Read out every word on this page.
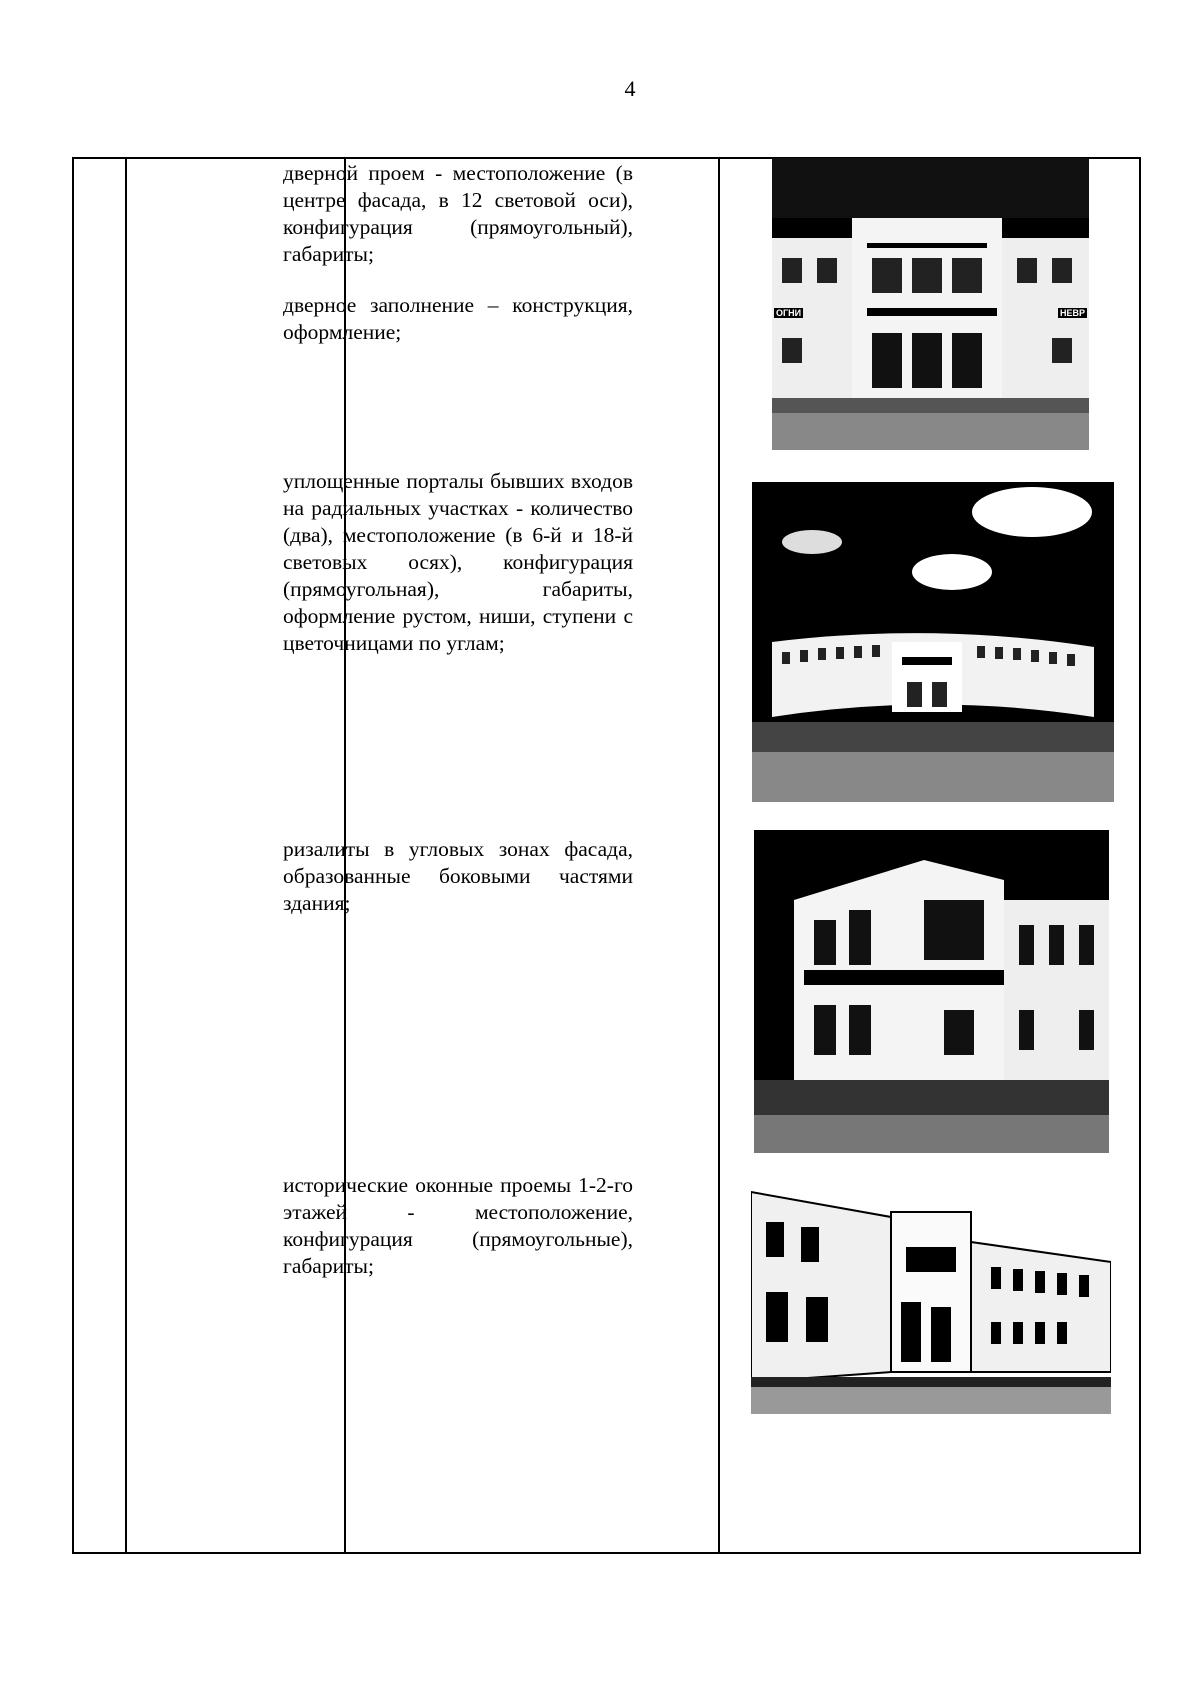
4

дверной проем - местоположение (в центре фасада, в 12 световой оси), конфигурация (прямоугольный), габариты;

дверное заполнение – конструкция, оформление;

ОГНИ	НЕВР

уплощенные порталы бывших входов на радиальных участках - количество (два), местоположение (в 6-й и 18-й световых осях), конфигурация (прямоугольная), габариты, оформление рустом, ниши, ступени с цветочницами по углам;

ризалиты в угловых зонах фасада, образованные боковыми частями здания;

исторические оконные проемы 1-2-го этажей - местоположение, конфигурация (прямоугольные), габариты;
